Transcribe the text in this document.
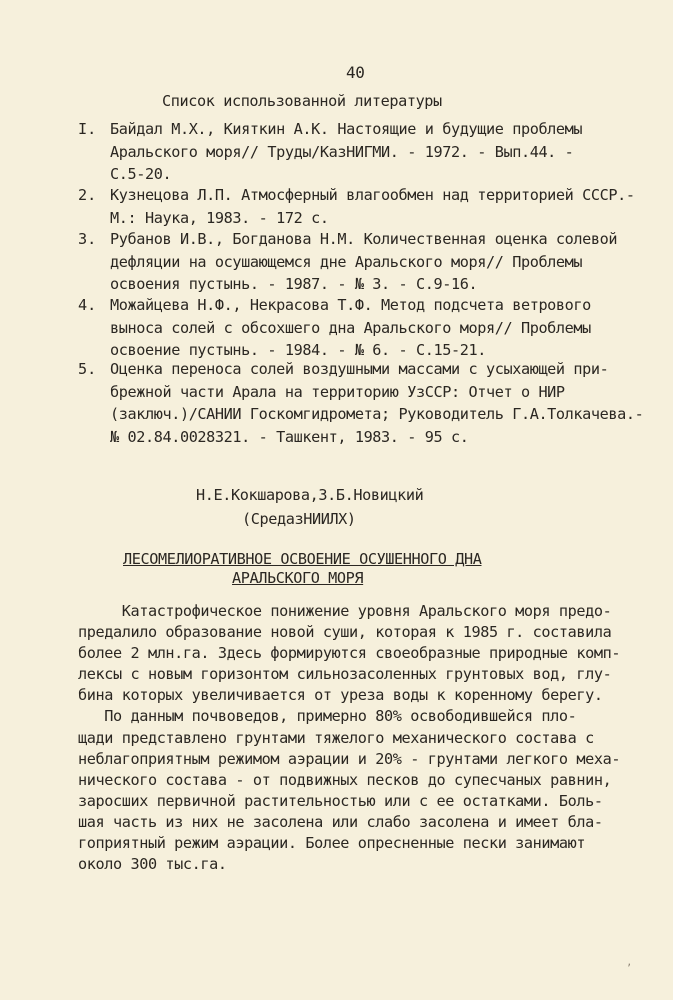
40
Список использованной литературы
I. Байдал М.Х., Кияткин А.К. Настоящие и будущие проблемы
Аральского моря// Труды/КазНИГМИ. - 1972. - Вып.44. -
С.5-20.
2. Кузнецова Л.П. Атмосферный влагообмен над территорией СССР.-
М.: Наука, 1983. - 172 с.
3. Рубанов И.В., Богданова Н.М. Количественная оценка солевой
дефляции на осушающемся дне Аральского моря// Проблемы
освоения пустынь. - 1987. - № 3. - С.9-16.
4. Можайцева Н.Ф., Некрасова Т.Ф. Метод подсчета ветрового
выноса солей с обсохшего дна Аральского моря// Проблемы
освоение пустынь. - 1984. - № 6. - С.15-21.
5. Оценка переноса солей воздушными массами с усыхающей при-
брежной части Арала на территорию УзССР: Отчет о НИР
(заключ.)/САНИИ Госкомгидромета; Руководитель Г.А.Толкачева.-
№ 02.84.0028321. - Ташкент, 1983. - 95 с.
Н.Е.Кокшарова,З.Б.Новицкий
(СредазНИИЛХ)
ЛЕСОМЕЛИОРАТИВНОЕ ОСВОЕНИЕ ОСУШЕННОГО ДНА
АРАЛЬСКОГО МОРЯ
Катастрофическое понижение уровня Аральского моря предо-
предалило образование новой суши, которая к 1985 г. составила
более 2 млн.га. Здесь формируются своеобразные природные комп-
лексы с новым горизонтом сильнозасоленных грунтовых вод, глу-
бина которых увеличивается от уреза воды к коренному берегу.
По данным почвоведов, примерно 80% освободившейся пло-
щади представлено грунтами тяжелого механического состава с
неблагоприятным режимом аэрации и 20% - грунтами легкого меха-
нического состава - от подвижных песков до супесчаных равнин,
заросших первичной растительностью или с ее остатками. Боль-
шая часть из них не засолена или слабо засолена и имеет бла-
гоприятный режим аэрации. Более опресненные пески занимают
около 300 тыс.га.
ʼ
